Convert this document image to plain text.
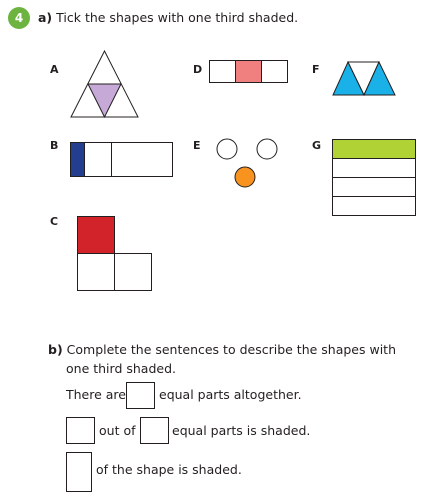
4 a) Tick the shapes with one third shaded.
A	D	F
B	E	G
C
b) Complete the sentences to describe the shapes with
one third shaded.
There are	equal parts altogether.
out of	equal parts is shaded.
of the shape is shaded.
